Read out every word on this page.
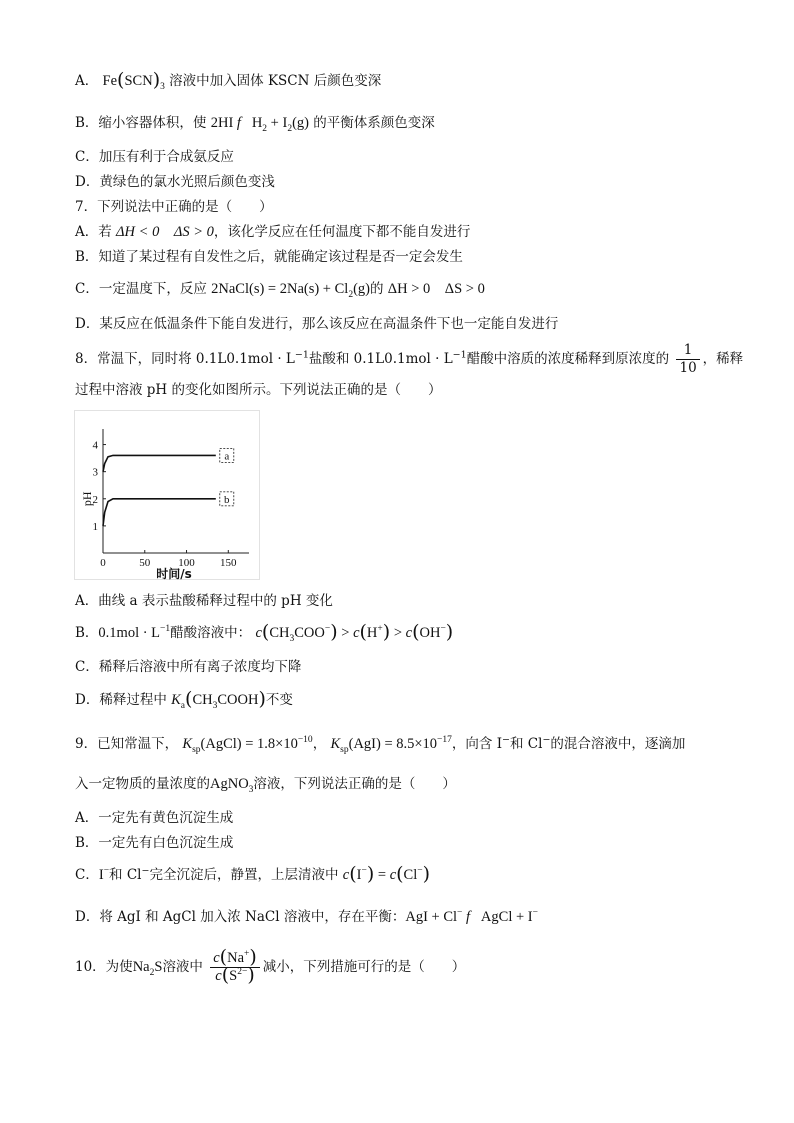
A． $Fe(SCN)_3$ 溶液中加入固体 KSCN 后颜色变深
B．缩小容器体积，使 2HI f $H_2 + I_2(g)$ 的平衡体系颜色变深
C．加压有利于合成氨反应
D．黄绿色的氯水光照后颜色变浅
7．下列说法中正确的是（　　）
A．若 ΔH < 0 ΔS > 0，该化学反应在任何温度下都不能自发进行
B．知道了某过程有自发性之后，就能确定该过程是否一定会发生
C．一定温度下，反应 2NaCl(s) = $2Na(s) + Cl_2(g)$的 ΔH > 0 ΔS > 0
D．某反应在低温条件下能自发进行，那么该反应在高温条件下也一定能自发进行
8．常温下，同时将 $0.1L0.1mol \cdot L^{-1}$盐酸和 $0.1L0.1mol \cdot L^{-1}$醋酸中溶质的浓度稀释到原浓度的 $\frac{1}{10}$ ，稀释
过程中溶液 pH 的变化如图所示。下列说法正确的是（　　）
1
2
3
4
0	50	100 150
a
b
pH
时间/s
A．曲线 a 表示盐酸稀释过程中的 pH 变化
B．$0.1mol \cdot L^{-1}$醋酸溶液中： $c(CH_3COO^-) > c(H^+) > c(OH^-)$
C．稀释后溶液中所有离子浓度均下降
D．稀释过程中 $K_a(CH_3COOH)$不变
9．已知常温下， $K_{sp}(AgCl) = 1.8\times 10^{-10}$， $K_{sp}(AgI) = 8.5\times 10^{-17}$，向含 I−和 Cl−的混合溶液中，逐滴加
入一定物质的量浓度的AgNO$_3$溶液，下列说法正确的是（　　）
A．一定先有黄色沉淀生成
B．一定先有白色沉淀生成
C．I−和 Cl−完全沉淀后，静置，上层清液中 c(I−) = c(Cl−)
D．将 AgI 和 AgCl 加入浓 NaCl 溶液中，存在平衡：AgI + Cl− f AgCl + I−
10．为使$Na_2S$溶液中 $\frac{c(Na^+)}{c(S^{2-})}$ 减小，下列措施可行的是（　　）
